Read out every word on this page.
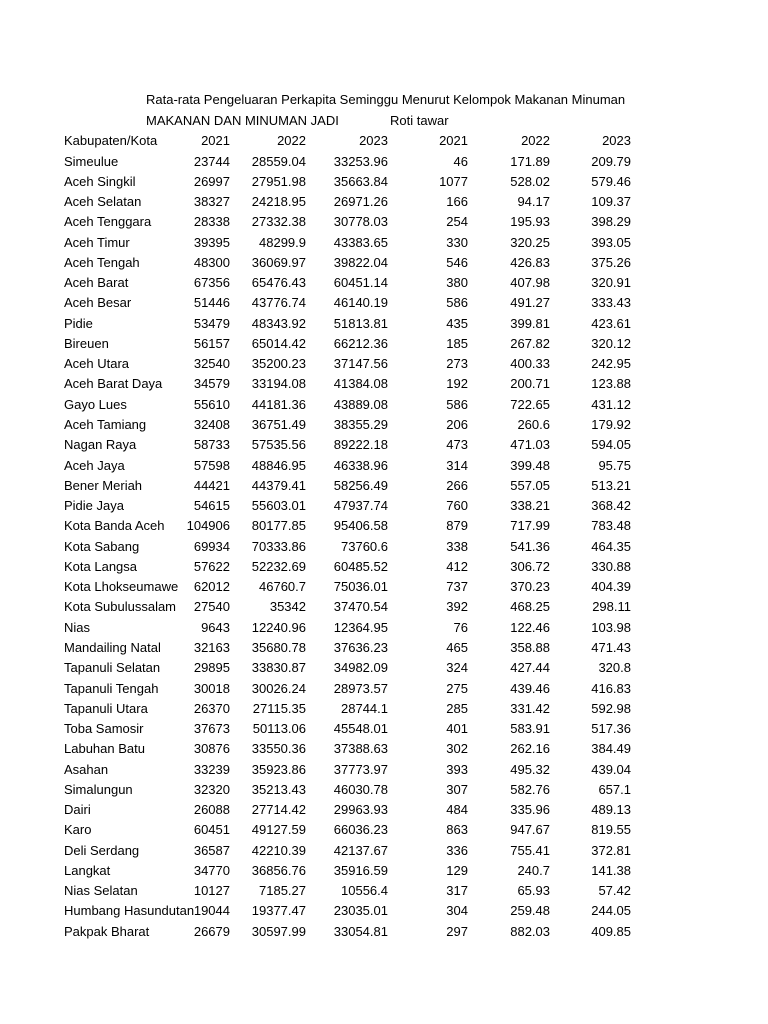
Rata-rata Pengeluaran Perkapita Seminggu Menurut Kelompok Makanan Minuman
MAKANAN DAN MINUMAN JADI	Roti tawar
Kabupaten/Kota	2021	2022	2023	2021	2022	2023
Simeulue	23744	28559.04	33253.96	46	171.89	209.79
Aceh Singkil	26997	27951.98	35663.84	1077	528.02	579.46
Aceh Selatan	38327	24218.95	26971.26	166	94.17	109.37
Aceh Tenggara	28338	27332.38	30778.03	254	195.93	398.29
Aceh Timur	39395	48299.9	43383.65	330	320.25	393.05
Aceh Tengah	48300	36069.97	39822.04	546	426.83	375.26
Aceh Barat	67356	65476.43	60451.14	380	407.98	320.91
Aceh Besar	51446	43776.74	46140.19	586	491.27	333.43
Pidie	53479	48343.92	51813.81	435	399.81	423.61
Bireuen	56157	65014.42	66212.36	185	267.82	320.12
Aceh Utara	32540	35200.23	37147.56	273	400.33	242.95
Aceh Barat Daya	34579	33194.08	41384.08	192	200.71	123.88
Gayo Lues	55610	44181.36	43889.08	586	722.65	431.12
Aceh Tamiang	32408	36751.49	38355.29	206	260.6	179.92
Nagan Raya	58733	57535.56	89222.18	473	471.03	594.05
Aceh Jaya	57598	48846.95	46338.96	314	399.48	95.75
Bener Meriah	44421	44379.41	58256.49	266	557.05	513.21
Pidie Jaya	54615	55603.01	47937.74	760	338.21	368.42
Kota Banda Aceh	104906	80177.85	95406.58	879	717.99	783.48
Kota Sabang	69934	70333.86	73760.6	338	541.36	464.35
Kota Langsa	57622	52232.69	60485.52	412	306.72	330.88
Kota Lhokseumawe	62012	46760.7	75036.01	737	370.23	404.39
Kota Subulussalam	27540	35342	37470.54	392	468.25	298.11
Nias	9643	12240.96	12364.95	76	122.46	103.98
Mandailing Natal	32163	35680.78	37636.23	465	358.88	471.43
Tapanuli Selatan	29895	33830.87	34982.09	324	427.44	320.8
Tapanuli Tengah	30018	30026.24	28973.57	275	439.46	416.83
Tapanuli Utara	26370	27115.35	28744.1	285	331.42	592.98
Toba Samosir	37673	50113.06	45548.01	401	583.91	517.36
Labuhan Batu	30876	33550.36	37388.63	302	262.16	384.49
Asahan	33239	35923.86	37773.97	393	495.32	439.04
Simalungun	32320	35213.43	46030.78	307	582.76	657.1
Dairi	26088	27714.42	29963.93	484	335.96	489.13
Karo	60451	49127.59	66036.23	863	947.67	819.55
Deli Serdang	36587	42210.39	42137.67	336	755.41	372.81
Langkat	34770	36856.76	35916.59	129	240.7	141.38
Nias Selatan	10127	7185.27	10556.4	317	65.93	57.42
Humbang Hasundutan 19044	19377.47	23035.01	304	259.48	244.05
Pakpak Bharat	26679	30597.99	33054.81	297	882.03	409.85
